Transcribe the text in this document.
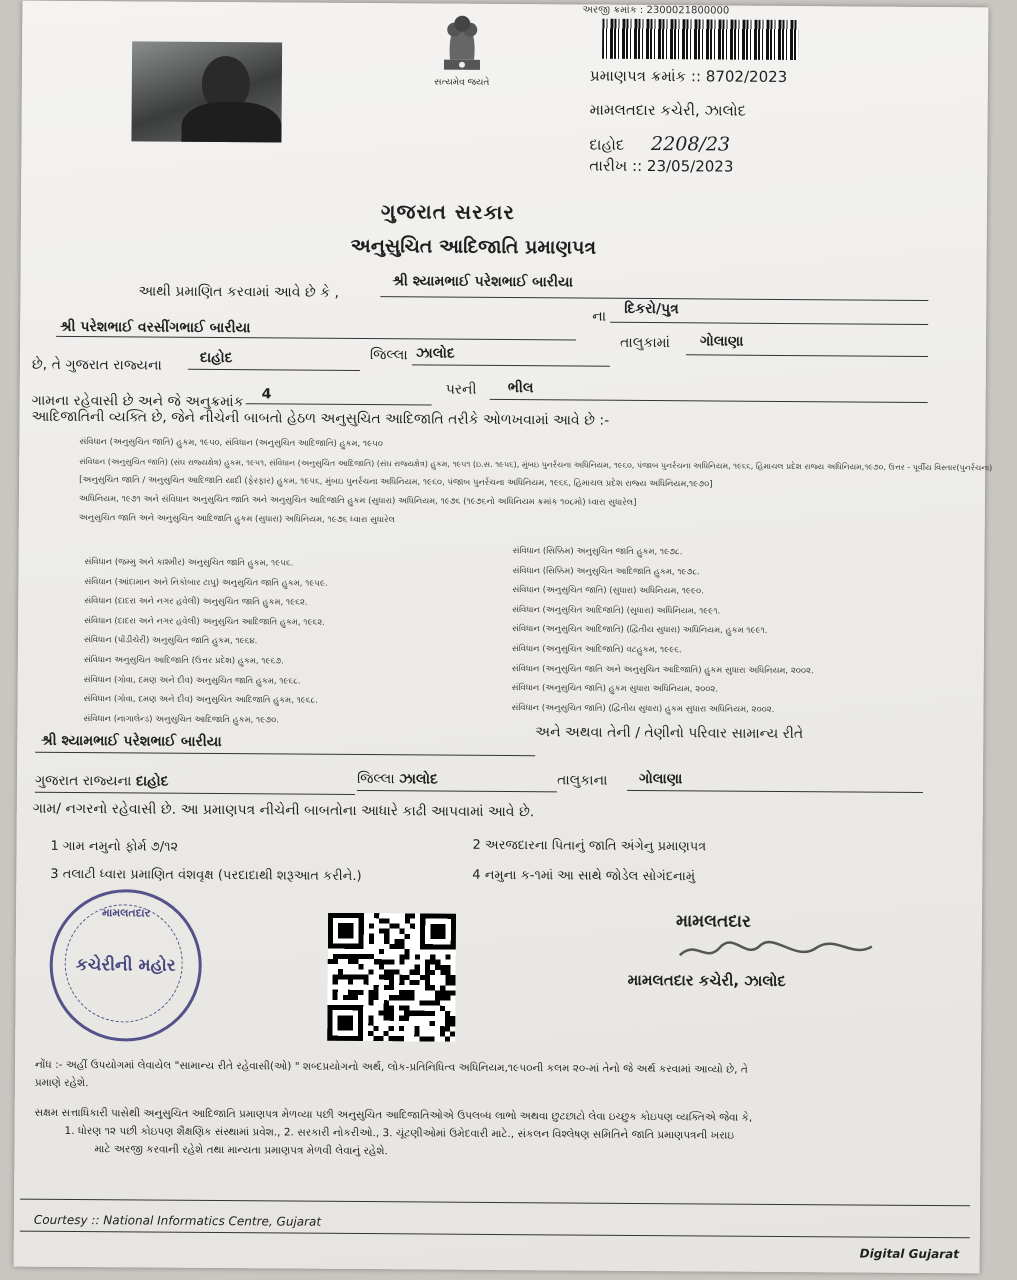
સત્યમેવ જયતે
અરજી ક્રમાંક : 2300021800000
પ્રમાણપત્ર ક્રમાંક :: 8702/2023
મામલતદાર કચેરી, ઝાલોદ
દાહોદ 2208/23
તારીખ :: 23/05/2023
ગુજરાત સરકાર
અનુસુચિત આદિજાતિ પ્રમાણપત્ર
આથી પ્રમાણિત કરવામાં આવે છે કે ,
શ્રી શ્યામભાઈ પરેશભાઈ બારીયા
શ્રી પરેશભાઈ વરસીંગભાઈ બારીયા
ના દિકરો/પુત્ર
છે, તે ગુજરાત રાજ્યના	દાહોદ	જિલ્લા ઝાલોદ
તાલુકામાં ગોલાણા
ગામના રહેવાસી છે અને જે અનુક્રમાંક 4	પરની ભીલ
આદિજાતિની વ્યક્તિ છે, જેને નીચેની બાબતો હેઠળ અનુસુચિત આદિજાતિ તરીકે ઓળખવામાં આવે છે :-
સંવિધાન (અનુસુચિત જાતિ) હુકમ, ૧૯૫૦, સંવિધાન (અનુસુચિત આદિજાતિ) હુકમ, ૧૯૫૦
સંવિધાન (અનુસુચિત જાતિ) (સંઘ રાજ્યક્ષેત્ર) હુકમ, ૧૯૫૧, સંવિધાન (અનુસુચિત આદિજાતિ) (સંઘ રાજ્યક્ષેત્ર) હુકમ, ૧૯૫૧ (ઇ.સ. ૧૯૫૬), મુંબઇ પુનર્રચના અધિનિયમ, ૧૯૬૦, પંજાબ પુનર્રચના અધિનિયમ, ૧૯૬૬, હિમાચલ પ્રદેશ રાજ્ય અધિનિયમ,૧૯૭૦, ઉત્તર - પૂર્વીય વિસ્તાર(પુનર્રચના)
[અનુસુચિત જાતિ / અનુસુચિત આદિજાતિ યાદી (ફેરફાર) હુકમ, ૧૯૫૬, મુંબઇ પુનર્રચના અધિનિયમ, ૧૯૬૦, પંજાબ પુનર્રચના અધિનિયમ, ૧૯૬૬, હિમાચલ પ્રદેશ રાજ્ય અધિનિયમ,૧૯૭૦]
અધિનિયમ, ૧૯૭૧ અને સંવિધાન અનુસુચિત જાતિ અને અનુસુચિત આદિજાતિ હુકમ (સુધારા) અધિનિયમ, ૧૯૭૬ (૧૯૭૬નો અધિનિયમ ક્રમાંક ૧૦૮મો) ધ્વારા સુધારેલ]
અનુસુચિત જાતિ અને અનુસુચિત આદિજાતિ હુકમ (સુધારા) અધિનિયમ, ૧૯૭૬ ધ્વારા સુધારેલ
સંવિધાન (જમ્મુ અને કાશ્મીર) અનુસુચિત જાતિ હુકમ, ૧૯૫૬.
સંવિધાન (આંદામાન અને નિકોબાર ટાપુ) અનુસુચિત જાતિ હુકમ, ૧૯૫૯.
સંવિધાન (દાદરા અને નગર હવેલી) અનુસુચિત જાતિ હુકમ, ૧૯૬૨.
સંવિધાન (દાદરા અને નગર હવેલી) અનુસુચિત આદિજાતિ હુકમ, ૧૯૬૨.
સંવિધાન (પોંડીચેરી) અનુસુચિત જાતિ હુકમ, ૧૯૬૪.
સંવિધાન અનુસુચિત આદિજાતિ (ઉત્તર પ્રદેશ) હુકમ, ૧૯૬૭.
સંવિધાન (ગોવા, દમણ અને દીવ) અનુસુચિત જાતિ હુકમ, ૧૯૬૮.
સંવિધાન (ગોવા, દમણ અને દીવ) અનુસુચિત આદિજાતિ હુકમ, ૧૯૬૮.
સંવિધાન (નાગાલેન્ડ) અનુસુચિત આદિજાતિ હુકમ, ૧૯૭૦.
સંવિધાન (સિક્કિમ) અનુસુચિત જાતિ હુકમ, ૧૯૭૮.
સંવિધાન (સિક્કિમ) અનુસુચિત આદિજાતિ હુકમ, ૧૯૭૮.
સંવિધાન (અનુસુચિત જાતિ) (સુધારા) અધિનિયમ, ૧૯૯૦.
સંવિધાન (અનુસુચિત આદિજાતિ) (સુધારા) અધિનિયમ, ૧૯૯૧.
સંવિધાન (અનુસુચિત આદિજાતિ) (દ્વિતીય સુધારા) અધિનિયમ, હુકમ ૧૯૯૧.
સંવિધાન (અનુસુચિત આદિજાતિ) વટહુકમ, ૧૯૯૬.
સંવિધાન (અનુસુચિત જાતિ અને અનુસુચિત આદિજાતિ) હુકમ સુધારા અધિનિયમ, ૨૦૦૨.
સંવિધાન (અનુસુચિત જાતિ) હુકમ સુધારા અધિનિયમ, ૨૦૦૨.
સંવિધાન (અનુસુચિત જાતિ) (દ્વિતીય સુધારા) હુકમ સુધારા અધિનિયમ, ૨૦૦૨.
શ્રી શ્યામભાઈ પરેશભાઈ બારીયા	અને અથવા તેની / તેણીનો પરિવાર સામાન્ય રીતે
ગુજરાત રાજ્યના દાહોદ	જિલ્લા ઝાલોદ	તાલુકાના ગોલાણા
ગામ/ નગરનો રહેવાસી છે. આ પ્રમાણપત્ર નીચેની બાબતોના આધારે કાઢી આપવામાં આવે છે.
1 ગામ નમુનો ફોર્મ ૭/૧૨	2 અરજદારના પિતાનું જાતિ અંગેનુ પ્રમાણપત્ર
3 તલાટી ધ્વારા પ્રમાણિત વંશવૃક્ષ (પરદાદાથી શરૂઆત કરીને.)	4 નમુના ક-૧માં આ સાથે જોડેલ સોગંદનામું
મામલતદાર
કચેરીની મહોર
મામલતદાર
મામલતદાર કચેરી, ઝાલોદ
નોંધ :- અહીં ઉપયોગમાં લેવાયેલ "સામાન્ય રીતે રહેવાસી(ઓ) " શબ્દપ્રયોગનો અર્થ, લોક-પ્રતિનિધિત્વ અધિનિયમ,૧૯૫૦ની કલમ ૨૦-માં તેનો જે અર્થ કરવામાં આવ્યો છે, તે
પ્રમાણે રહેશે.
સક્ષમ સત્તાધિકારી પાસેથી અનુસુચિત આદિજાતિ પ્રમાણપત્ર મેળવ્યા પછી અનુસુચિત આદિજાતિઓએ ઉપલબ્ધ લાભો અથવા છુટછાટો લેવા ઇચ્છુક કોઇપણ વ્યક્તિએ જેવા કે,
1. ધોરણ ૧૨ પછી કોઇપણ શૈક્ષણિક સંસ્થામાં પ્રવેશ., 2. સરકારી નોકરીઓ., 3. ચૂંટણીઓમાં ઉમેદવારી માટે., સંકલન વિશ્લેષણ સમિતિને જાતિ પ્રમાણપત્રની ખરાઇ
માટે અરજી કરવાની રહેશે તથા માન્યતા પ્રમાણપત્ર મેળવી લેવાનું રહેશે.
Courtesy :: National Informatics Centre, Gujarat
Digital Gujarat
